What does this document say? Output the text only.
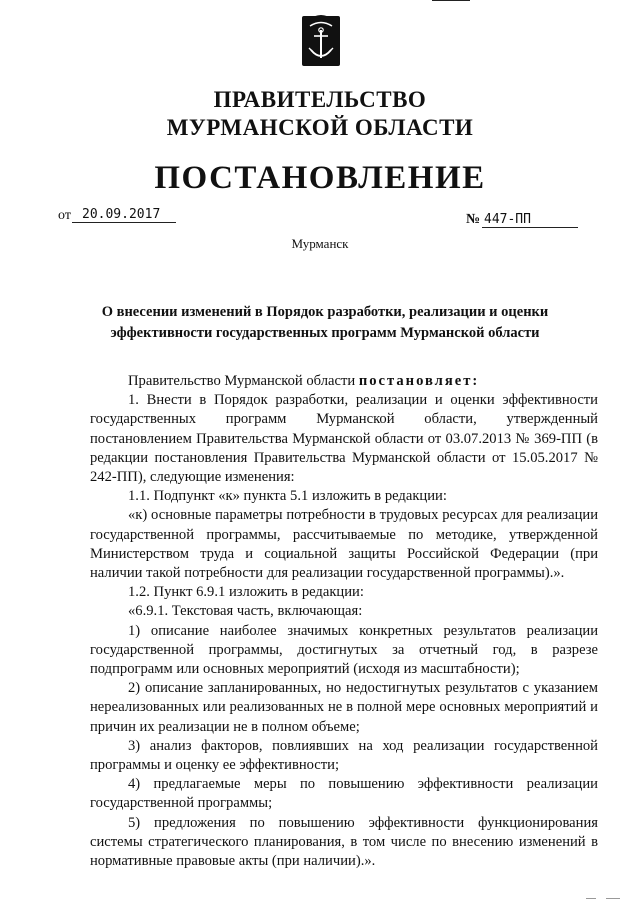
ПРАВИТЕЛЬСТВО
МУРМАНСКОЙ ОБЛАСТИ
ПОСТАНОВЛЕНИЕ
от 20.09.2017	№ 447-ПП
Мурманск
О внесении изменений в Порядок разработки, реализации и оценки
эффективности государственных программ Мурманской области

Правительство Мурманской области постановляет:

1. Внести в Порядок разработки, реализации и оценки эффективности государственных программ Мурманской области, утвержденный постановлением Правительства Мурманской области от 03.07.2013 № 369-ПП (в редакции постановления Правительства Мурманской области от 15.05.2017 № 242-ПП), следующие изменения:

1.1. Подпункт «к» пункта 5.1 изложить в редакции:

«к) основные параметры потребности в трудовых ресурсах для реализации государственной программы, рассчитываемые по методике, утвержденной Министерством труда и социальной защиты Российской Федерации (при наличии такой потребности для реализации государственной программы).».

1.2. Пункт 6.9.1 изложить в редакции:

«6.9.1. Текстовая часть, включающая:

1) описание наиболее значимых конкретных результатов реализации государственной программы, достигнутых за отчетный год, в разрезе подпрограмм или основных мероприятий (исходя из масштабности);

2) описание запланированных, но недостигнутых результатов с указанием нереализованных или реализованных не в полной мере основных мероприятий и причин их реализации не в полном объеме;

3) анализ факторов, повлиявших на ход реализации государственной программы и оценку ее эффективности;

4) предлагаемые меры по повышению эффективности реализации государственной программы;

5) предложения по повышению эффективности функционирования системы стратегического планирования, в том числе по внесению изменений в нормативные правовые акты (при наличии).».
